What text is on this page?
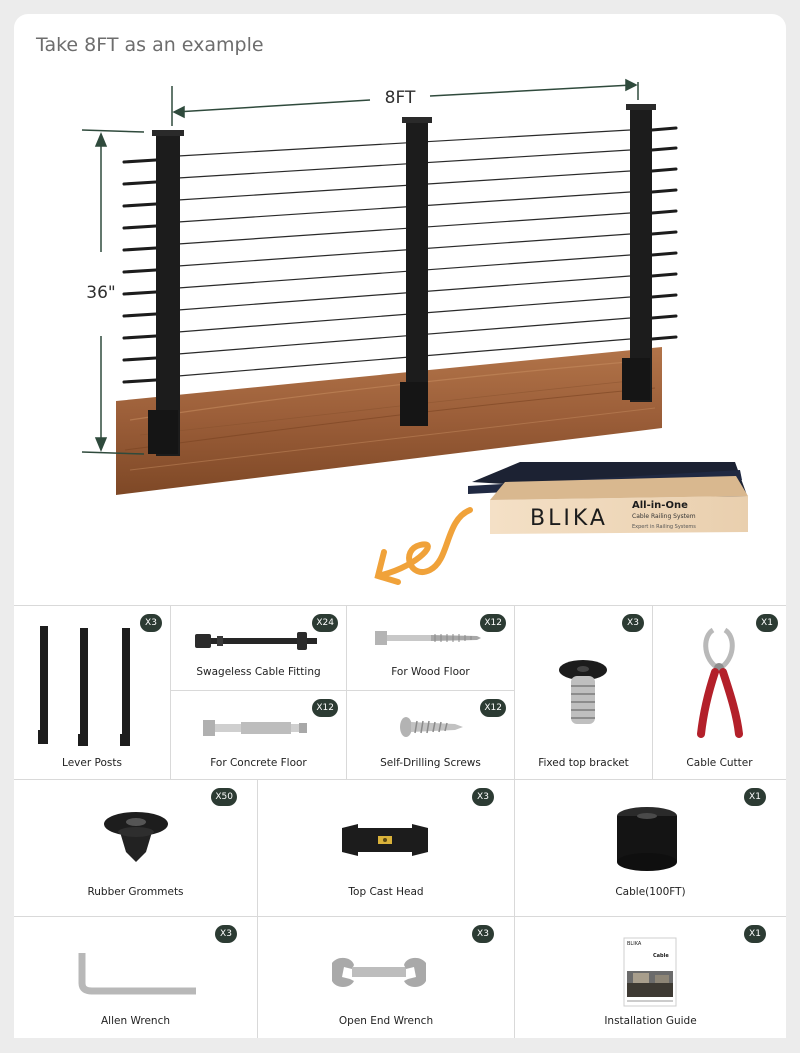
Take 8FT as an example
8FT
36"
BLIKA
All-in-One
Cable Railing System
Expert in Railing Systems
X3
Lever Posts
X24
Swageless Cable Fitting
X12
For Wood Floor
X3
Fixed top bracket
X1
Cable Cutter
X12
For Concrete Floor
X12
Self-Drilling Screws
X50
Rubber Grommets
X3
Top Cast Head
X1
Cable(100FT)
X3
Allen Wrench
X3
Open End Wrench
X1
BLIKA
Cable
Installation Guide
